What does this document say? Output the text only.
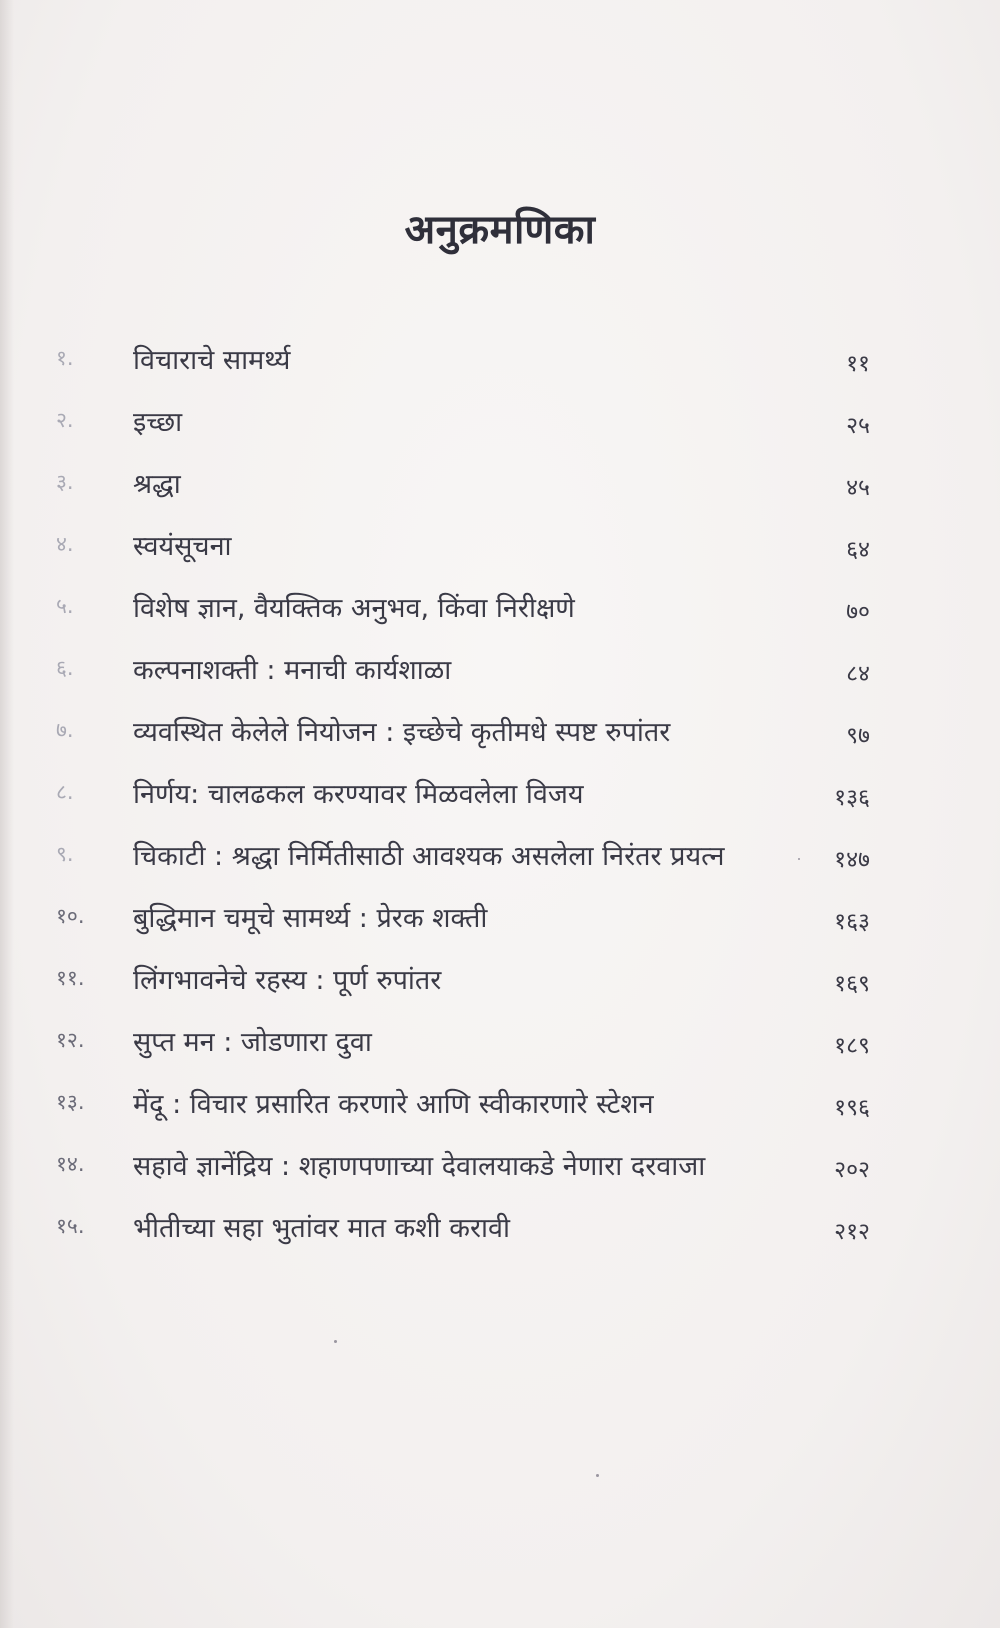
अनुक्रमणिका
१. विचाराचे सामर्थ्य	११
२. इच्छा	२५
३. श्रद्धा	४५
४. स्वयंसूचना	६४
५. विशेष ज्ञान, वैयक्तिक अनुभव, किंवा निरीक्षणे	७०
६. कल्पनाशक्ती : मनाची कार्यशाळा	८४
७. व्यवस्थित केलेले नियोजन : इच्छेचे कृतीमधे स्पष्ट रुपांतर	९७
८. निर्णय: चालढकल करण्यावर मिळवलेला विजय	१३६
९. चिकाटी : श्रद्धा निर्मितीसाठी आवश्यक असलेला निरंतर प्रयत्न	१४७
१०. बुद्धिमान चमूचे सामर्थ्य : प्रेरक शक्ती	१६३
११. लिंगभावनेचे रहस्य : पूर्ण रुपांतर	१६९
१२. सुप्त मन : जोडणारा दुवा	१८९
१३. मेंदू : विचार प्रसारित करणारे आणि स्वीकारणारे स्टेशन	१९६
१४. सहावे ज्ञानेंद्रिय : शहाणपणाच्या देवालयाकडे नेणारा दरवाजा	२०२
१५. भीतीच्या सहा भुतांवर मात कशी करावी	२१२
